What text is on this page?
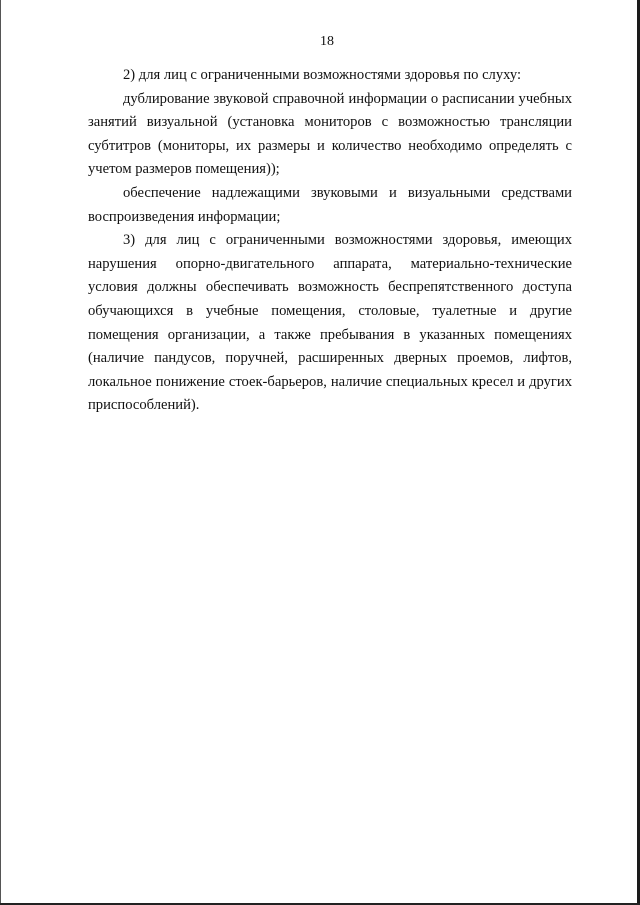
18

2) для лиц с ограниченными возможностями здоровья по слуху:

дублирование звуковой справочной информации о расписании учебных занятий визуальной (установка мониторов с возможностью трансляции субтитров (мониторы, их размеры и количество необходимо определять с учетом размеров помещения));

обеспечение надлежащими звуковыми и визуальными средствами воспроизведения информации;

3) для лиц с ограниченными возможностями здоровья, имеющих нарушения опорно-двигательного аппарата, материально-технические условия должны обеспечивать возможность беспрепятственного доступа обучающихся в учебные помещения, столовые, туалетные и другие помещения организации, а также пребывания в указанных помещениях (наличие пандусов, поручней, расширенных дверных проемов, лифтов, локальное понижение стоек-барьеров, наличие специальных кресел и других приспособлений).
